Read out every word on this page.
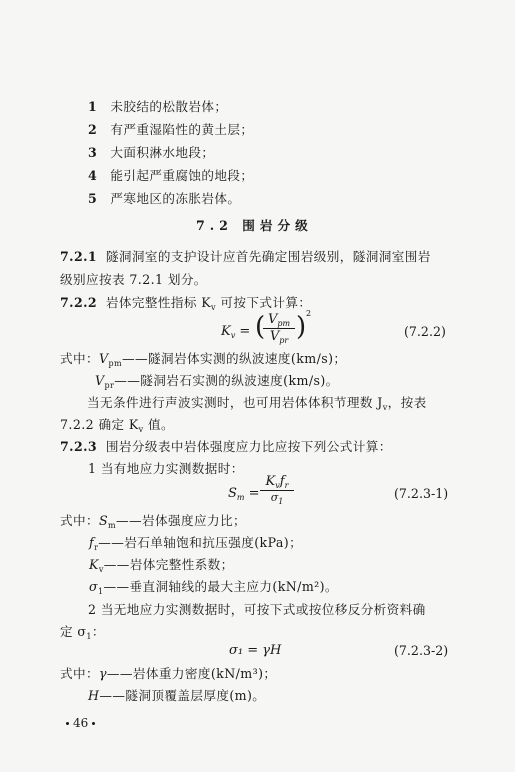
1 未胶结的松散岩体；
2 有严重湿陷性的黄土层；
3 大面积淋水地段；
4 能引起严重腐蚀的地段；
5 严寒地区的冻胀岩体。
7.2 围岩分级
7.2.1 隧洞洞室的支护设计应首先确定围岩级别，隧洞洞室围岩
级别应按表 7.2.1 划分。
7.2.2 岩体完整性指标 $K_v$ 可按下式计算：
$K_v$ = ( $V_{pm}$
$V_{pr}$ ) 2
(7.2.2)
式中：$V_{pm}——$隧洞岩体实测的纵波速度(km/s)；
$V_{pr}——$隧洞岩石实测的纵波速度(km/s)。
当无条件进行声波实测时，也可用岩体体积节理数 $J_v$，按表
7.2.2 确定 $K_v$ 值。
7.2.3 围岩分级表中岩体强度应力比应按下列公式计算：
1 当有地应力实测数据时：
$S_m$ =
$K_vf_r$
$\sigma_1$
(7.2.3-1)
式中：$S_m——$岩体强度应力比；
$f_r——$岩石单轴饱和抗压强度(kPa)；
$K_v——$岩体完整性系数；
$\sigma_1——$垂直洞轴线的最大主应力(kN/m²)。
2 当无地应力实测数据时，可按下式或按位移反分析资料确
定 $\sigma_1$：
σ₁ = γH	(7.2.3-2)
式中：γ——岩体重力密度(kN/m³)；
H——隧洞顶覆盖层厚度(m)。
46
